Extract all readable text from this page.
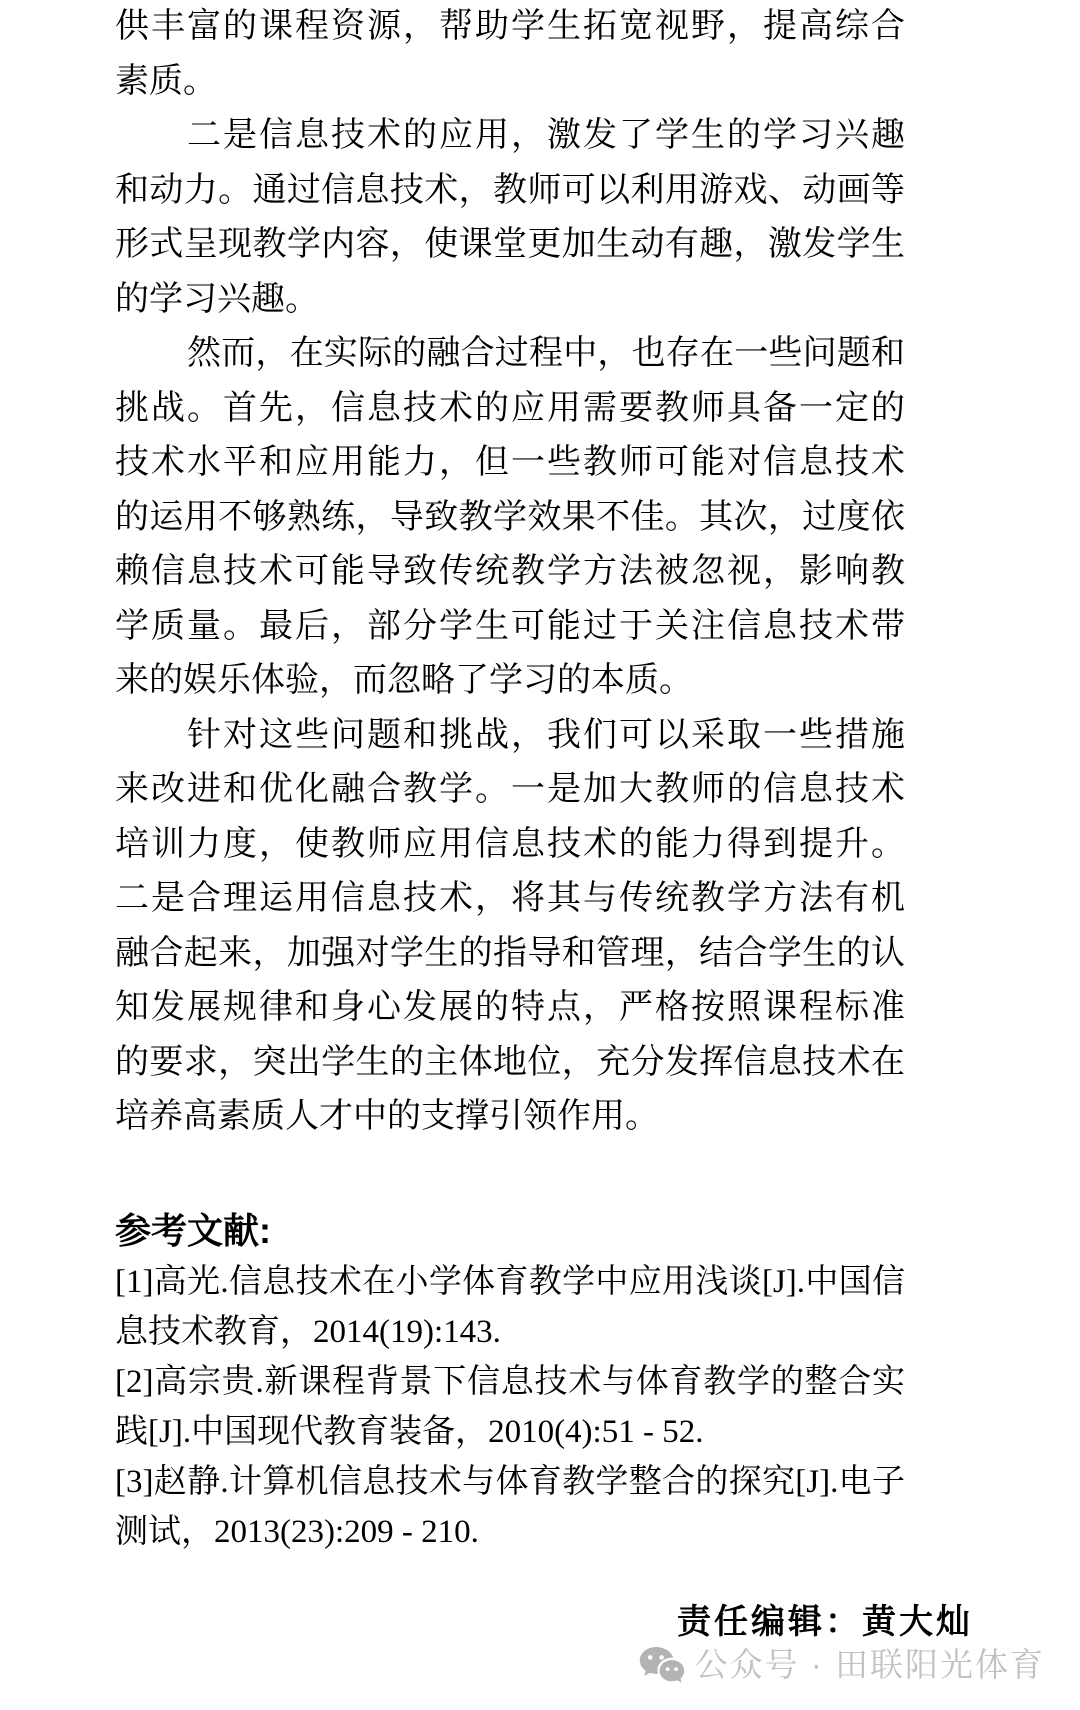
供丰富的课程资源，帮助学生拓宽视野，提高综合
素质。
二是信息技术的应用，激发了学生的学习兴趣
和动力。通过信息技术，教师可以利用游戏、动画等
形式呈现教学内容，使课堂更加生动有趣，激发学生
的学习兴趣。
然而，在实际的融合过程中，也存在一些问题和
挑战。首先，信息技术的应用需要教师具备一定的
技术水平和应用能力，但一些教师可能对信息技术
的运用不够熟练，导致教学效果不佳。其次，过度依
赖信息技术可能导致传统教学方法被忽视，影响教
学质量。最后，部分学生可能过于关注信息技术带
来的娱乐体验，而忽略了学习的本质。
针对这些问题和挑战，我们可以采取一些措施
来改进和优化融合教学。一是加大教师的信息技术
培训力度，使教师应用信息技术的能力得到提升。
二是合理运用信息技术，将其与传统教学方法有机
融合起来，加强对学生的指导和管理，结合学生的认
知发展规律和身心发展的特点，严格按照课程标准
的要求，突出学生的主体地位，充分发挥信息技术在
培养高素质人才中的支撑引领作用。
参考文献:
[1]高光.信息技术在小学体育教学中应用浅谈[J].中国信
息技术教育，2014(19):143.
[2]高宗贵.新课程背景下信息技术与体育教学的整合实
践[J].中国现代教育装备，2010(4):51 - 52.
[3]赵静.计算机信息技术与体育教学整合的探究[J].电子
测试，2013(23):209 - 210.
责任编辑：黄大灿
公众号 · 田联阳光体育
